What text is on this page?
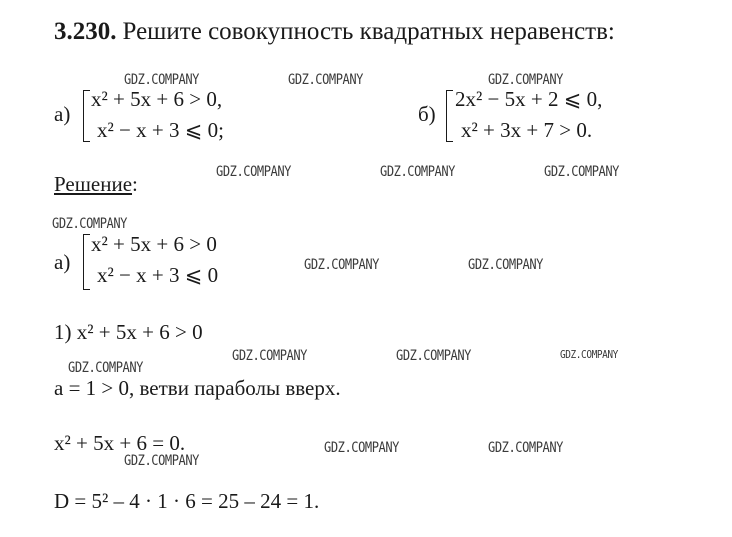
3.230. Решите совокупность квадратных неравенств:
а)
x² + 5x + 6 > 0,
x² − x + 3 ⩽ 0;
б)
2x² − 5x + 2 ⩽ 0,
x² + 3x + 7 > 0.
Решение:
а)
x² + 5x + 6 > 0
x² − x + 3 ⩽ 0
1) x² + 5x + 6 > 0
a = 1 > 0, ветви параболы вверх.
x² + 5x + 6 = 0.
D = 5² – 4 · 1 · 6 = 25 – 24 = 1.
GDZ.COMPANY	GDZ.COMPANY	GDZ.COMPANY
GDZ.COMPANY	GDZ.COMPANY	GDZ.COMPANY
GDZ.COMPANY
GDZ.COMPANY	GDZ.COMPANY
GDZ.COMPANY	GDZ.COMPANY	GDZ.COMPANY
GDZ.COMPANY
GDZ.COMPANY	GDZ.COMPANY
GDZ.COMPANY
